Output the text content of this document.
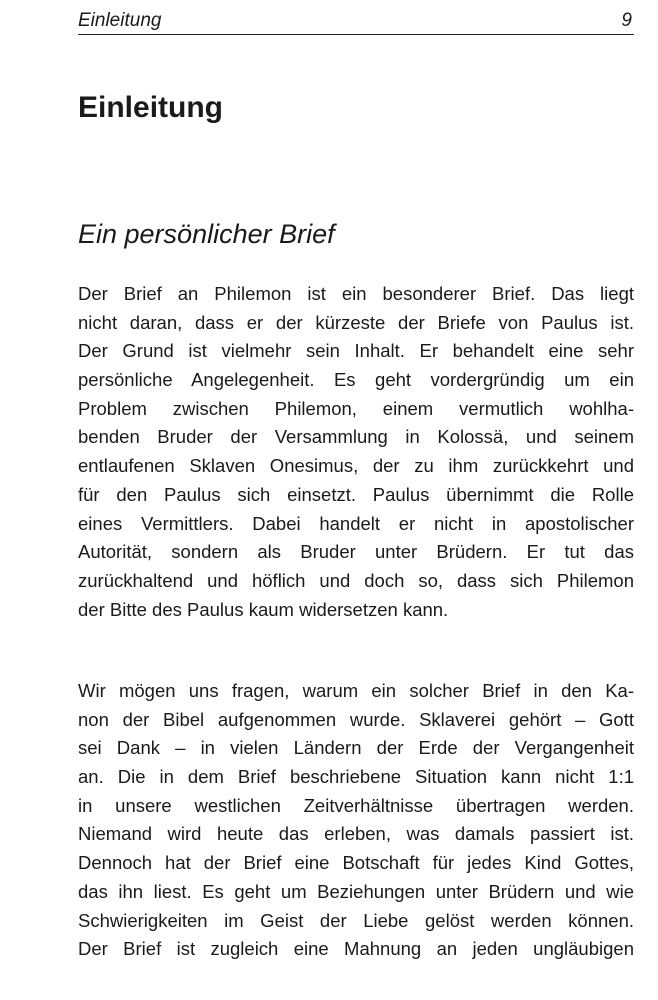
Einleitung	9
Einleitung
Ein persönlicher Brief
Der Brief an Philemon ist ein besonderer Brief. Das liegt
nicht daran, dass er der kürzeste der Briefe von Paulus ist.
Der Grund ist vielmehr sein Inhalt. Er behandelt eine sehr
persönliche Angelegenheit. Es geht vordergründig um ein
Problem zwischen Philemon, einem vermutlich wohlha-
benden Bruder der Versammlung in Kolossä, und seinem
entlaufenen Sklaven Onesimus, der zu ihm zurückkehrt und
für den Paulus sich einsetzt. Paulus übernimmt die Rolle
eines Vermittlers. Dabei handelt er nicht in apostolischer
Autorität, sondern als Bruder unter Brüdern. Er tut das
zurückhaltend und höflich und doch so, dass sich Philemon
der Bitte des Paulus kaum widersetzen kann.
Wir mögen uns fragen, warum ein solcher Brief in den Ka-
non der Bibel aufgenommen wurde. Sklaverei gehört – Gott
sei Dank – in vielen Ländern der Erde der Vergangenheit
an. Die in dem Brief beschriebene Situation kann nicht 1:1
in unsere westlichen Zeitverhältnisse übertragen werden.
Niemand wird heute das erleben, was damals passiert ist.
Dennoch hat der Brief eine Botschaft für jedes Kind Gottes,
das ihn liest. Es geht um Beziehungen unter Brüdern und wie
Schwierigkeiten im Geist der Liebe gelöst werden können.
Der Brief ist zugleich eine Mahnung an jeden ungläubigen
